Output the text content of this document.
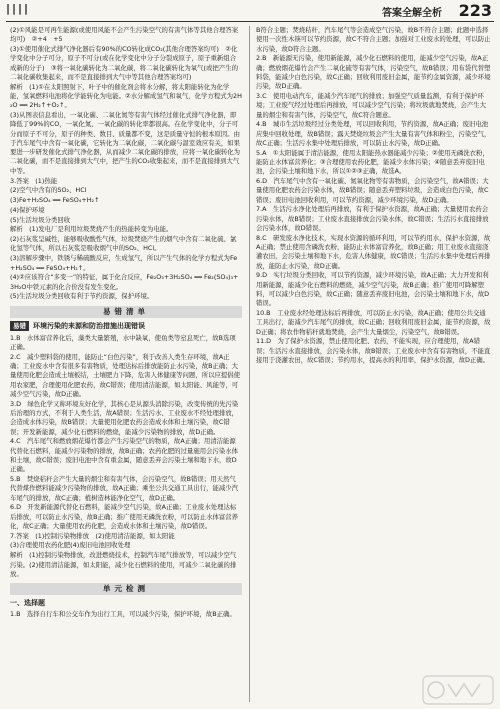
||||	答案全解全析 223

(2)①风能是可再生能源(或使用风能不会产生污染空气的有害气体等其他合理答案均可)　②+4　+5

(3)①使用催化式排气净化器后有90%的CO转化成CO₂(其他合理答案均可)　②化学变化中分子可分，原子不可分(或在化学变化中分子分裂成原子，原子重新组合成新的分子)　③将一氧化碳转化为二氧化碳，将二氧化碳转化为氧气(或把产生的二氧化碳收集起来，而不是直接排到大气中等其他合理答案均可)

解析　(1)①在太阳照射下，叶子中的催化剂会将水分解，将太阳能转化为化学能，氢氧燃料电池将化学能转化为电能。②水分解成氢气和氧气，化学方程式为2H₂O ══ 2H₂↑+O₂↑。

(3)从图表信息看出，一氧化碳、二氧化氮等有害气体经过催化式排气净化器，即降低了99%的CO，一氧化氮、一氧化碳的转化率都很高。在化学变化中，分子可分而原子不可分，原子的种类、数目、质量都不变，这是质量守恒的根本原因。由于汽车尾气中含有一氧化碳，它转化为二氧化碳，二氧化碳与温室效应有关，如果要进一步研发催化式排气净化器，从而减少二氧化碳的排放，应将一氧化碳转化为二氧化碳，而不是直接排到大气中，把产生的CO₂收集起来，而不是直接排到大气中等。

3.答案　(1)热能

(2)空气中含有的SO₂、HCl

(3)Fe+H₂SO₄ ══ FeSO₄+H₂↑

(4)保护环境

(5)生活垃圾分类回收

解析　(1)发电厂是利用垃圾焚烧产生的热能转变为电能。

(2)石灰浆呈碱性，能够吸收酸性气体，垃圾焚烧产生的烟气中含有二氧化硫、氯化氢等气体，所以石灰浆是吸收烟气中的SO₂、HCl。

(3)溶解步骤中，铁锈与稀硫酸反应，生成氢气，所以产生气体的化学方程式为Fe+H₂SO₄ ══ FeSO₄+H₂↑。

(4)②应该符合“多变一”的特征，属于化合反应，Fe₂O₃+3H₂SO₄ ══ Fe₂(SO₄)₃+3H₂O中铁元素的化合价没有发生变化。

(5)生活垃圾分类回收有利于节约资源，保护环境。

易错清单
易错	环境污染的来源和防治措施出现错误

1.B　水体富营养化后，藻类大量繁殖，水中缺氧，使鱼类等窒息死亡，故B选项正确。

2.C　减少塑料袋的使用，能防止“白色污染”，利于改善人类生存环境，故A正确；工业废水中含有很多有害物质，处理达标后排放能防止水污染，故B正确；大量使用化肥会造成土壤板结，土壤肥力下降，危害人体健康等问题，所以应提倡使用农家肥，合理使用化肥农药，故C错误；使用清洁能源，如太阳能、风能等，可减少空气污染，故D正确。

3.D　绿色化学又称环境友好化学，其核心是从源头消除污染，改变传统的先污染后治理的方式，不利于人类生活，故A错误；生活污水、工业废水不经处理排放，会造成水体污染，故B错误；大量使用化肥农药会造成水体和土壤污染，故C错误；开发新能源，减少化石燃料的燃烧，能减少污染物的排放，故D正确。

4.C　汽车尾气和燃放烟花爆竹都会产生污染空气的物质，故A正确；用清洁能源代替化石燃料，能减少污染物的排放，故B正确；农药化肥的过量施用会污染水体和土壤，故C错误；废旧电池中含有重金属，随意丢弃会污染土壤和地下水，故D正确。

5.B　焚烧秸秆会产生大量的烟尘和有害气体，会污染空气，故B错误；用天然气代替煤作燃料能减少污染物的排放，故A正确；乘坐公共交通工具出行，能减少汽车尾气的排放，故C正确；植树造林能净化空气，故D正确。

6.D　开发新能源代替化石燃料，能减少空气污染，故A正确；工业废水处理达标后排放，可以防止水污染，故B正确；推广使用无磷洗衣粉，可以防止水体富营养化，故C正确；大量使用农药化肥，会造成水体和土壤污染，故D错误。

7.答案　(1)控制污染物排放　(2)使用清洁能源，如太阳能

(3)合理使用农药化肥(4)废旧电池回收处理

解析　(1)控制污染物排放，改进燃烧技术，控制汽车尾气排放等，可以减少空气污染。(2)使用清洁能源，如太阳能，减少化石燃料的使用，可减少二氧化碳的排放。

单元检测
一、选择题

1.B　选择自行车和公交车作为出行工具，可以减少污染，保护环境，故B正确。

B符合主题；焚烧秸秆，汽车尾气等会造成空气污染，故B不符合主题；此题中选择使用一次性木筷可以节约资源，故C不符合主题；加强对工业废水的处理，可以防止水污染，故D符合主题。

2.B　新能源无污染，使用新能源，减少化石燃料的使用，能减少空气污染，故A正确；燃放烟花爆竹会产生二氧化硫等有害气体，污染空气，故B错误；用布袋代替塑料袋，能减少白色污染，故C正确；回收利用废旧金属，能节约金属资源，减少环境污染，故D正确。

3.C　使用电动汽车，能减少汽车尾气的排放；加强空气质量监测，有利于保护环境；工业废气经过处理后再排放，可以减少空气污染；将垃圾就地焚烧，会产生大量的烟尘和有害气体，污染空气，故C符合题意。

4.B　城市生活垃圾经过分类处理，可以回收利用，节约资源，故A正确；废旧电池应集中回收处理，故B错误；露天焚烧垃圾会产生大量有害气体和粉尘，污染空气，故C正确；生活污水集中处理后排放，可以防止水污染，故D正确。

5.A　①太阳能属于清洁能源，使用太阳能热水器能减少污染；②使用无磷洗衣粉，能防止水体富营养化；③合理使用农药化肥，能减少水体污染；④随意丢弃废旧电池，会污染土壤和地下水，所以①②③正确，故选A。

6.D　汽车尾气中含有一氧化碳、氮氧化物等有害物质，会污染空气，故A错误；大量使用化肥农药会污染水体，故B错误；随意丢弃塑料垃圾，会造成白色污染，故C错误；废旧电池回收利用，可以节约资源，减少环境污染，故D正确。

7.A　生活污水净化处理后再排放，有利于保护水资源，故A正确；大量使用农药会污染水体，故B错误；工业废水直接排放会污染水体，故C错误；生活污水直接排放会污染水体，故D错误。

8.C　研发废水净化技术，实现水资源的循环利用，可以节约用水，保护水资源，故A正确；禁止使用含磷洗衣粉，能防止水体富营养化，故B正确；用工业废水直接浇灌农田，会污染土壤和地下水，危害人体健康，故C错误；生活污水集中处理后再排放，能防止水污染，故D正确。

9.D　实行垃圾分类回收，可以节约资源，减少环境污染，故A正确；大力开发和利用新能源，能减少化石燃料的燃烧，减少空气污染，故B正确；推广使用可降解塑料，可以减少白色污染，故C正确；随意丢弃废旧电池，会污染土壤和地下水，故D错误。

10.B　工业废水经处理达标后再排放，可以防止水污染，故A正确；使用公共交通工具出行，能减少汽车尾气的排放，故C正确；回收利用废旧金属，能节约资源，故D正确；将农作物秸秆就地焚烧，会产生大量烟尘，污染空气，故B错误。

11.D　为了保护水资源，禁止使用化肥、农药，不能实现，应合理使用，故A错误；生活污水直接排放，会污染水体，故B错误；工业废水中含有有害物质，不能直接用于浇灌农田，故C错误；节约用水，提高水的利用率，保护水资源，故D正确。
